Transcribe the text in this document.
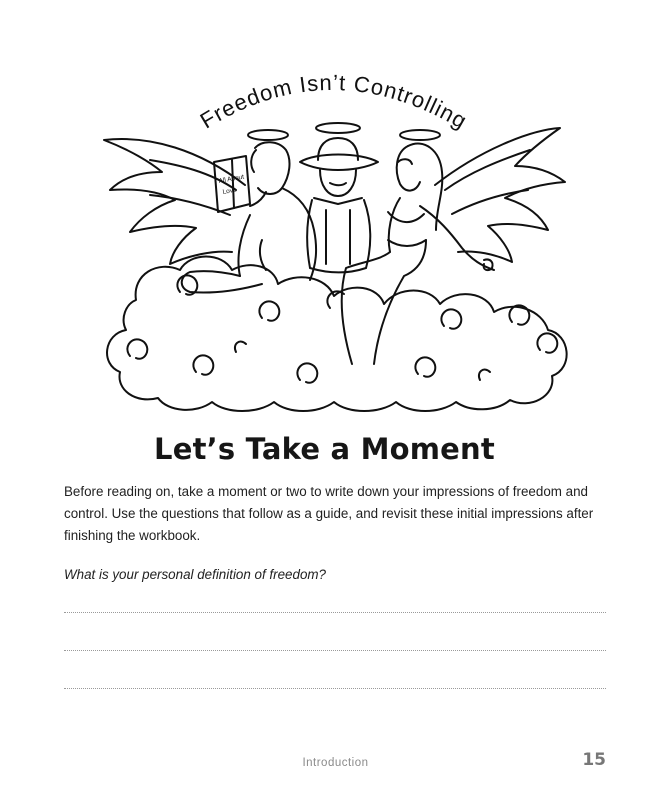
Freedom Isn’t Controlling
All About
Love
Let’s Take a Moment
Before reading on, take a moment or two to write down your impressions of freedom and control. Use the questions that follow as a guide, and revisit these initial impressions after finishing the workbook.
What is your personal definition of freedom?
Introduction	15
